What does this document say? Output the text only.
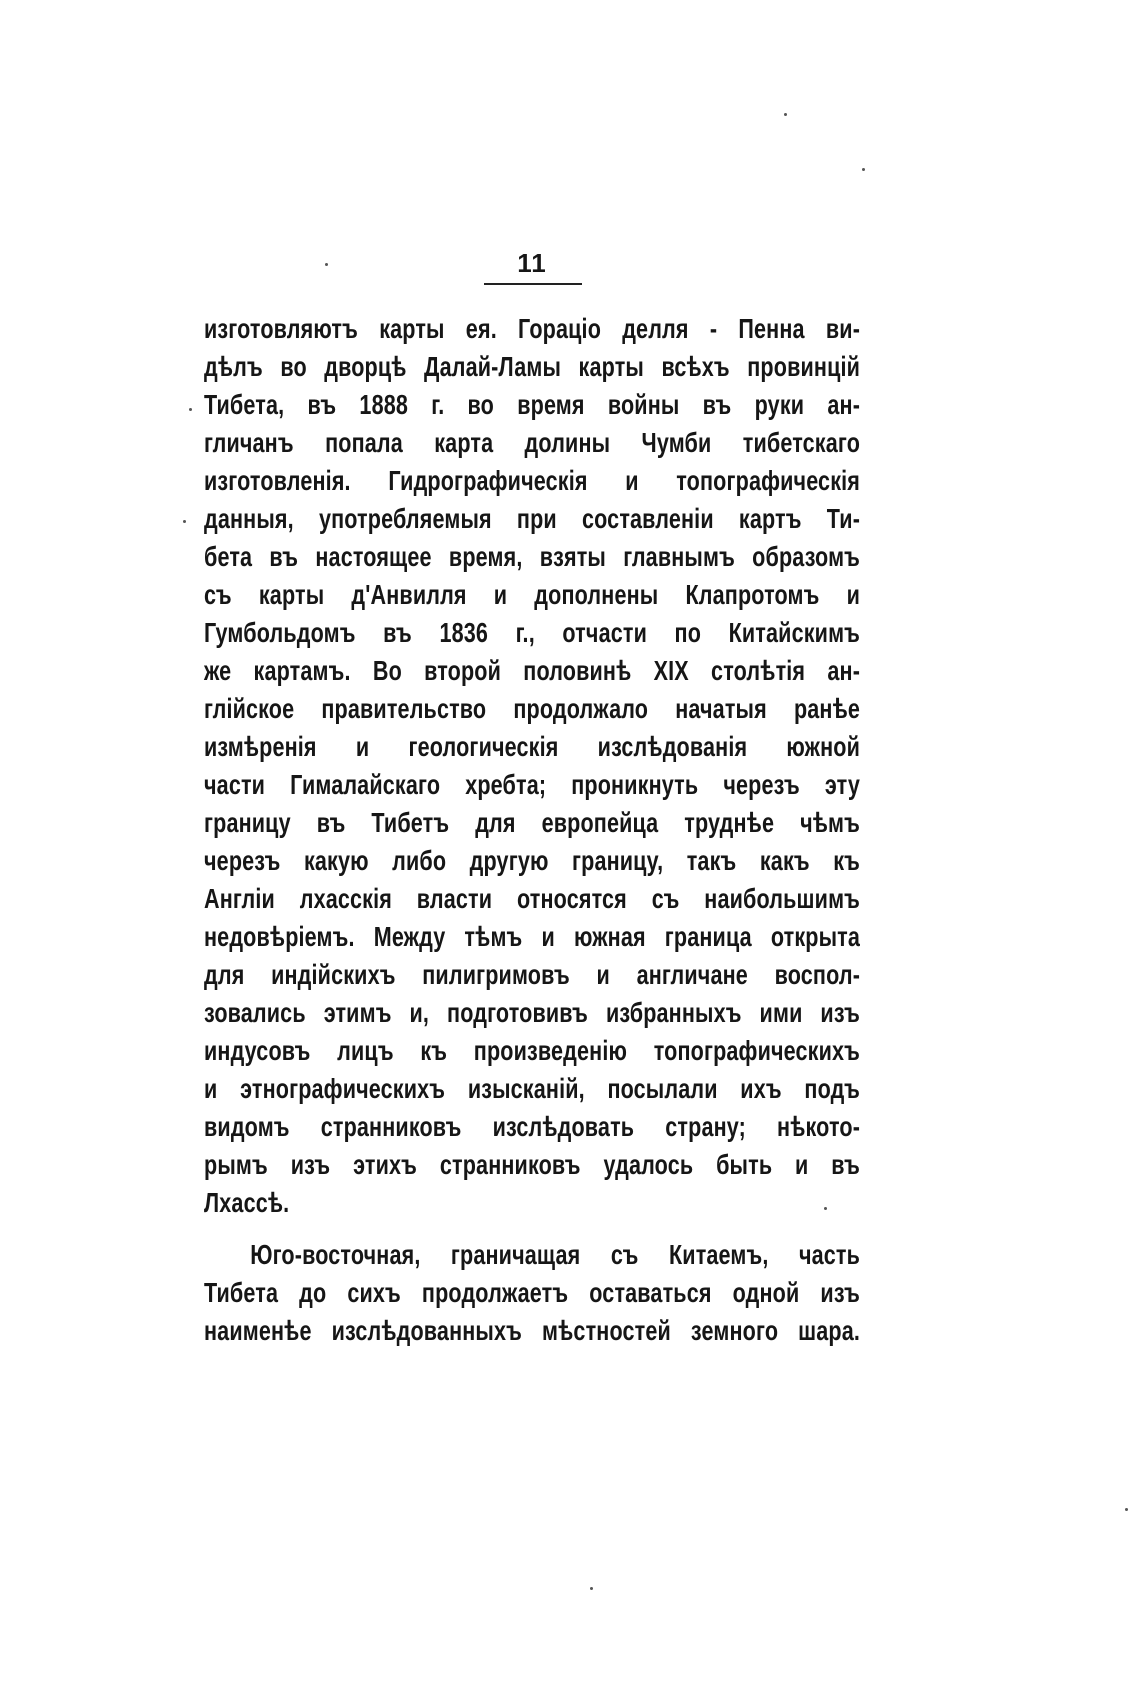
11
изготовляютъ карты ея. Гораціо делля - Пенна ви-
дѣлъ во дворцѣ Далай-Ламы карты всѣхъ провинцій
Тибета, въ 1888 г. во время войны въ руки ан-
гличанъ попала карта долины Чумби тибетскаго
изготовленія. Гидрографическія и топографическія
данныя, употребляемыя при составленіи картъ Ти-
бета въ настоящее время, взяты главнымъ образомъ
съ карты д'Анвилля и дополнены Клапротомъ и
Гумбольдомъ въ 1836 г., отчасти по Китайскимъ
же картамъ. Во второй половинѣ XIX столѣтія ан-
глійское правительство продолжало начатыя ранѣе
измѣренія и геологическія изслѣдованія южной
части Гималайскаго хребта; проникнуть черезъ эту
границу въ Тибетъ для европейца труднѣе чѣмъ
черезъ какую либо другую границу, такъ какъ къ
Англіи лхасскія власти относятся съ наибольшимъ
недовѣріемъ. Между тѣмъ и южная граница открыта
для индійскихъ пилигримовъ и англичане воспол-
зовались этимъ и, подготовивъ избранныхъ ими изъ
индусовъ лицъ къ произведенію топографическихъ
и этнографическихъ изысканій, посылали ихъ подъ
видомъ странниковъ изслѣдовать страну; нѣкото-
рымъ изъ этихъ странниковъ удалось быть и въ
Лхассѣ.
Юго-восточная, граничащая съ Китаемъ, часть
Тибета до сихъ продолжаетъ оставаться одной изъ
наименѣе изслѣдованныхъ мѣстностей земного шара.
